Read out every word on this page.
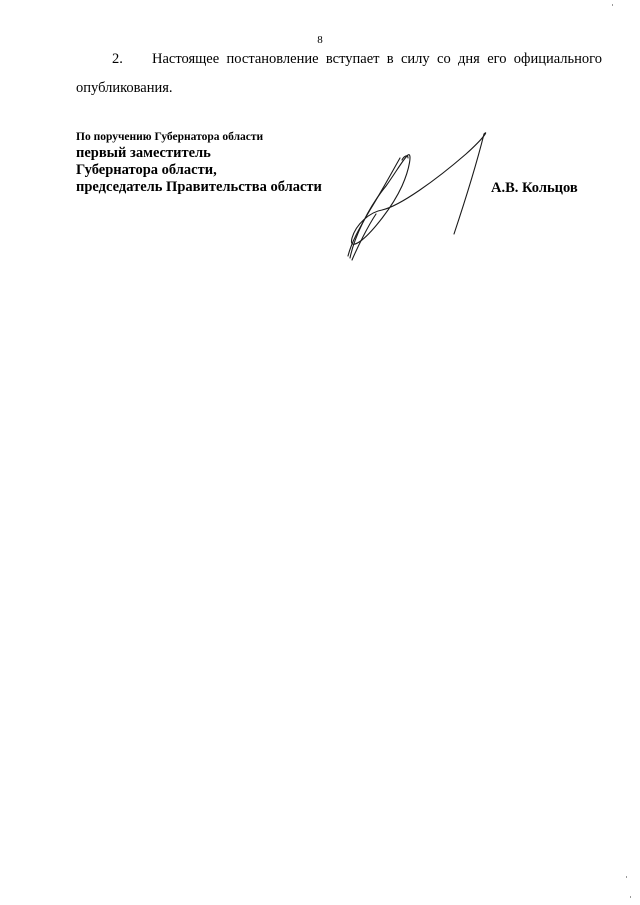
8
2. Настоящее постановление вступает в силу со дня его официального
опубликования.
По поручению Губернатора области
первый заместитель
Губернатора области,
председатель Правительства области	А.В. Кольцов
